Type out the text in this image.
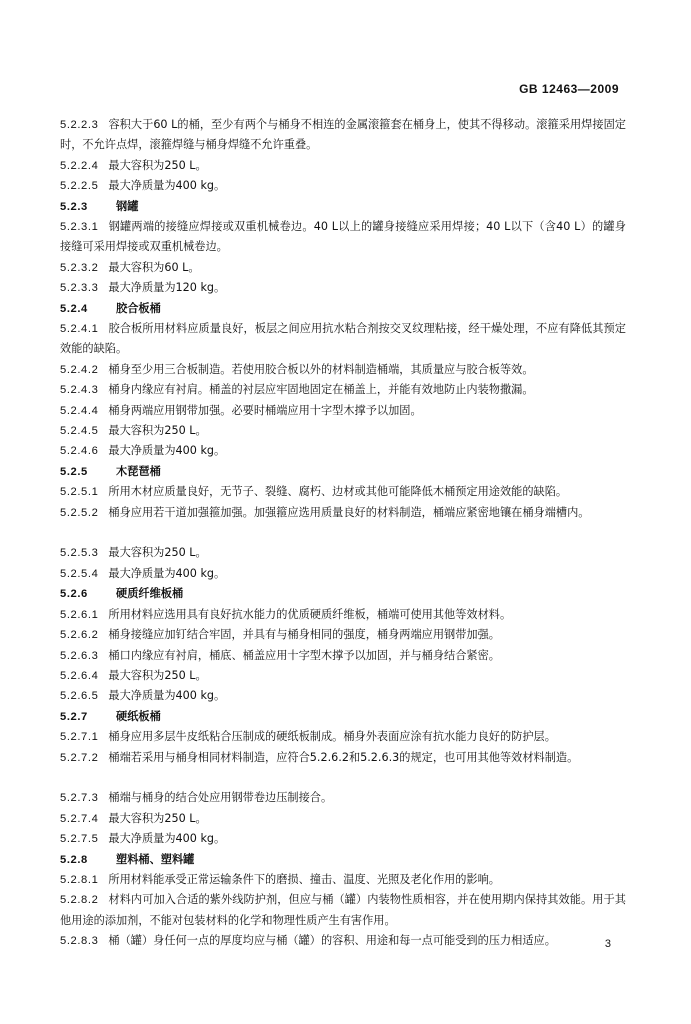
GB 12463—2009
5.2.2.3 容积大于60 L的桶，至少有两个与桶身不相连的金属滚箍套在桶身上，使其不得移动。滚箍采用焊接固定时，不允许点焊，滚箍焊缝与桶身焊缝不允许重叠。
5.2.2.4 最大容积为250 L。
5.2.2.5 最大净质量为400 kg。
5.2.3	钢罐
5.2.3.1 钢罐两端的接缝应焊接或双重机械卷边。40 L以上的罐身接缝应采用焊接；40 L以下（含40 L）的罐身接缝可采用焊接或双重机械卷边。
5.2.3.2 最大容积为60 L。
5.2.3.3 最大净质量为120 kg。
5.2.4	胶合板桶
5.2.4.1 胶合板所用材料应质量良好，板层之间应用抗水粘合剂按交叉纹理粘接，经干燥处理，不应有降低其预定效能的缺陷。
5.2.4.2 桶身至少用三合板制造。若使用胶合板以外的材料制造桶端，其质量应与胶合板等效。
5.2.4.3 桶身内缘应有衬肩。桶盖的衬层应牢固地固定在桶盖上，并能有效地防止内装物撒漏。
5.2.4.4 桶身两端应用钢带加强。必要时桶端应用十字型木撑予以加固。
5.2.4.5 最大容积为250 L。
5.2.4.6 最大净质量为400 kg。
5.2.5	木琵琶桶
5.2.5.1 所用木材应质量良好，无节子、裂缝、腐朽、边材或其他可能降低木桶预定用途效能的缺陷。
5.2.5.2 桶身应用若干道加强箍加强。加强箍应选用质量良好的材料制造，桶端应紧密地镶在桶身端槽内。
5.2.5.3 最大容积为250 L。
5.2.5.4 最大净质量为400 kg。
5.2.6	硬质纤维板桶
5.2.6.1 所用材料应选用具有良好抗水能力的优质硬质纤维板，桶端可使用其他等效材料。
5.2.6.2 桶身接缝应加钉结合牢固，并具有与桶身相同的强度，桶身两端应用钢带加强。
5.2.6.3 桶口内缘应有衬肩，桶底、桶盖应用十字型木撑予以加固，并与桶身结合紧密。
5.2.6.4 最大容积为250 L。
5.2.6.5 最大净质量为400 kg。
5.2.7	硬纸板桶
5.2.7.1 桶身应用多层牛皮纸粘合压制成的硬纸板制成。桶身外表面应涂有抗水能力良好的防护层。
5.2.7.2 桶端若采用与桶身相同材料制造，应符合5.2.6.2和5.2.6.3的规定，也可用其他等效材料制造。
5.2.7.3 桶端与桶身的结合处应用钢带卷边压制接合。
5.2.7.4 最大容积为250 L。
5.2.7.5 最大净质量为400 kg。
5.2.8	塑料桶、塑料罐
5.2.8.1 所用材料能承受正常运输条件下的磨损、撞击、温度、光照及老化作用的影响。
5.2.8.2 材料内可加入合适的紫外线防护剂，但应与桶（罐）内装物性质相容，并在使用期内保持其效能。用于其他用途的添加剂，不能对包装材料的化学和物理性质产生有害作用。
5.2.8.3 桶（罐）身任何一点的厚度均应与桶（罐）的容积、用途和每一点可能受到的压力相适应。	3
